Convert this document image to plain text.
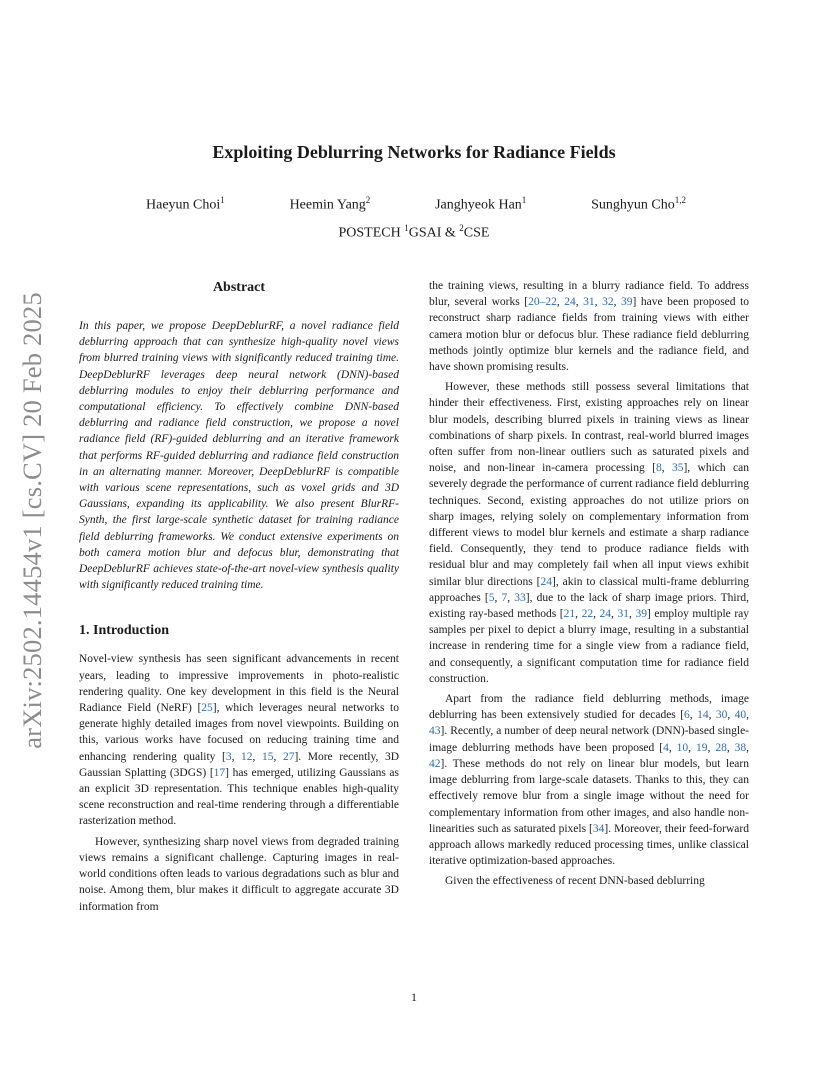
arXiv:2502.14454v1 [cs.CV] 20 Feb 2025
Exploiting Deblurring Networks for Radiance Fields
Haeyun Choi$^1$	Heemin Yang$^2$	Janghyeok Han$^1$	Sunghyun Cho$^{1,2}$
POSTECH $^1$GSAI & $^2$CSE
Abstract

In this paper, we propose DeepDeblurRF, a novel radiance field deblurring approach that can synthesize high-quality novel views from blurred training views with significantly reduced training time. DeepDeblurRF leverages deep neural network (DNN)-based deblurring modules to enjoy their deblurring performance and computational efficiency. To effectively combine DNN-based deblurring and radiance field construction, we propose a novel radiance field (RF)-guided deblurring and an iterative framework that performs RF-guided deblurring and radiance field construction in an alternating manner. Moreover, DeepDeblurRF is compatible with various scene representations, such as voxel grids and 3D Gaussians, expanding its applicability. We also present BlurRF-Synth, the first large-scale synthetic dataset for training radiance field deblurring frameworks. We conduct extensive experiments on both camera motion blur and defocus blur, demonstrating that DeepDeblurRF achieves state-of-the-art novel-view synthesis quality with significantly reduced training time.

1. Introduction

Novel-view synthesis has seen significant advancements in recent years, leading to impressive improvements in photo-realistic rendering quality. One key development in this field is the Neural Radiance Field (NeRF) [25], which leverages neural networks to generate highly detailed images from novel viewpoints. Building on this, various works have focused on reducing training time and enhancing rendering quality [3, 12, 15, 27]. More recently, 3D Gaussian Splatting (3DGS) [17] has emerged, utilizing Gaussians as an explicit 3D representation. This technique enables high-quality scene reconstruction and real-time rendering through a differentiable rasterization method.

However, synthesizing sharp novel views from degraded training views remains a significant challenge. Capturing images in real-world conditions often leads to various degradations such as blur and noise. Among them, blur makes it difficult to aggregate accurate 3D information from

the training views, resulting in a blurry radiance field. To address blur, several works [20–22, 24, 31, 32, 39] have been proposed to reconstruct sharp radiance fields from training views with either camera motion blur or defocus blur. These radiance field deblurring methods jointly optimize blur kernels and the radiance field, and have shown promising results.

However, these methods still possess several limitations that hinder their effectiveness. First, existing approaches rely on linear blur models, describing blurred pixels in training views as linear combinations of sharp pixels. In contrast, real-world blurred images often suffer from non-linear outliers such as saturated pixels and noise, and non-linear in-camera processing [8, 35], which can severely degrade the performance of current radiance field deblurring techniques. Second, existing approaches do not utilize priors on sharp images, relying solely on complementary information from different views to model blur kernels and estimate a sharp radiance field. Consequently, they tend to produce radiance fields with residual blur and may completely fail when all input views exhibit similar blur directions [24], akin to classical multi-frame deblurring approaches [5, 7, 33], due to the lack of sharp image priors. Third, existing ray-based methods [21, 22, 24, 31, 39] employ multiple ray samples per pixel to depict a blurry image, resulting in a substantial increase in rendering time for a single view from a radiance field, and consequently, a significant computation time for radiance field construction.

Apart from the radiance field deblurring methods, image deblurring has been extensively studied for decades [6, 14, 30, 40, 43]. Recently, a number of deep neural network (DNN)-based single-image deblurring methods have been proposed [4, 10, 19, 28, 38, 42]. These methods do not rely on linear blur models, but learn image deblurring from large-scale datasets. Thanks to this, they can effectively remove blur from a single image without the need for complementary information from other images, and also handle non-linearities such as saturated pixels [34]. Moreover, their feed-forward approach allows markedly reduced processing times, unlike classical iterative optimization-based approaches.

Given the effectiveness of recent DNN-based deblurring

1
